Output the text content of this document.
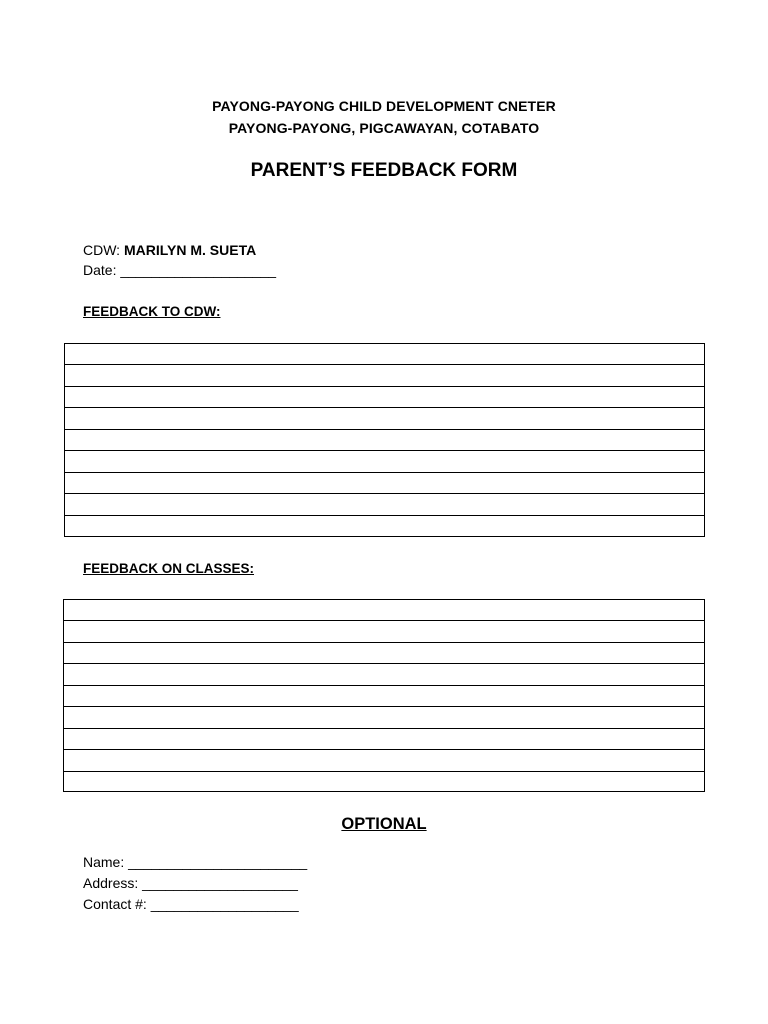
PAYONG-PAYONG CHILD DEVELOPMENT CNETER
PAYONG-PAYONG, PIGCAWAYAN, COTABATO
PARENT’S FEEDBACK FORM
CDW: MARILYN M. SUETA
Date: ____________________
FEEDBACK TO CDW:
FEEDBACK ON CLASSES:
OPTIONAL
Name: _______________________
Address: ____________________
Contact #: ___________________
